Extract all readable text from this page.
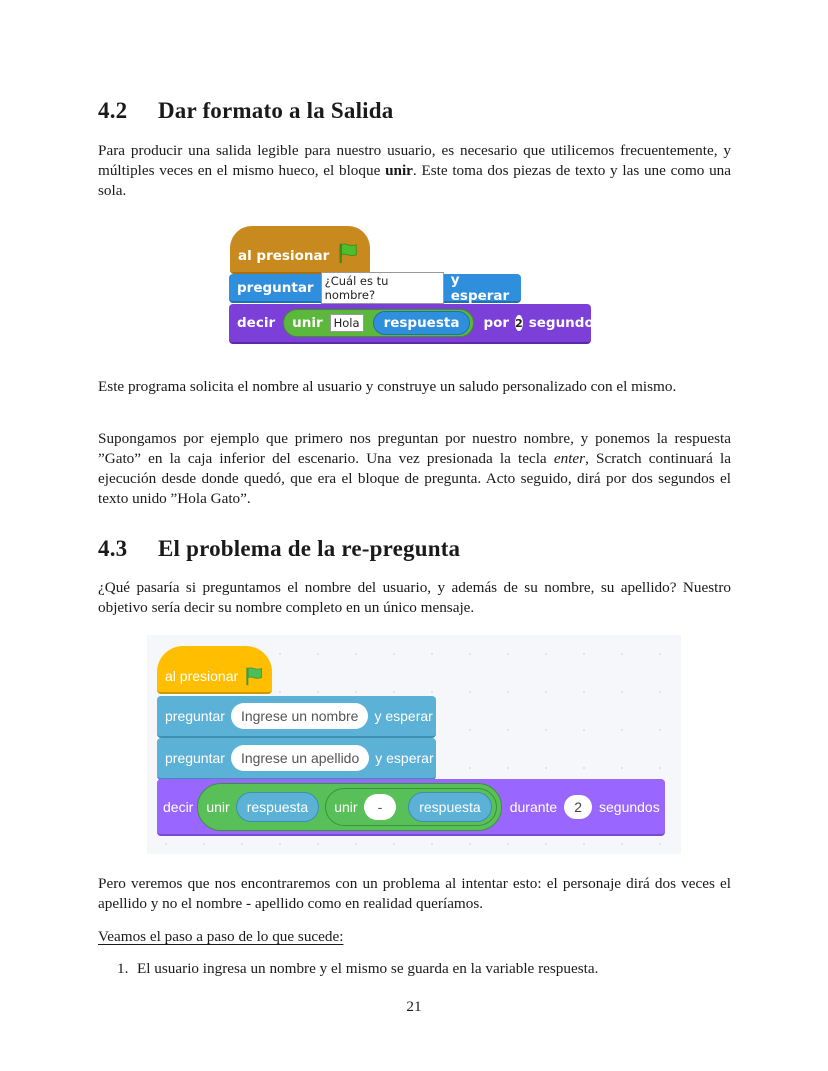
4.2 Dar formato a la Salida

Para producir una salida legible para nuestro usuario, es necesario que utilicemos frecuentemente, y múltiples veces en el mismo hueco, el bloque unir. Este toma dos piezas de texto y las une como una sola.

al presionar
preguntar ¿Cuál es tu nombre?
y esperar
decir unir Hola	respuesta	por 2 segundos

Este programa solicita el nombre al usuario y construye un saludo personalizado con el mismo.

Supongamos por ejemplo que primero nos preguntan por nuestro nombre, y ponemos la respuesta ”Gato” en la caja inferior del escenario. Una vez presionada la tecla enter, Scratch continuará la ejecución desde donde quedó, que era el bloque de pregunta. Acto seguido, dirá por dos segundos el texto unido ”Hola Gato”.

4.3 El problema de la re-pregunta

¿Qué pasaría si preguntamos el nombre del usuario, y además de su nombre, su apellido? Nuestro objetivo sería decir su nombre completo en un único mensaje.

al presionar
preguntar	Ingrese un nombre	y esperar
preguntar	Ingrese un apellido	y esperar
decir unir	respuesta	unir	-	respuesta	durante	2	segundos

Pero veremos que nos encontraremos con un problema al intentar esto: el personaje dirá dos veces el apellido y no el nombre - apellido como en realidad queríamos.

Veamos el paso a paso de lo que sucede:

1. El usuario ingresa un nombre y el mismo se guarda en la variable respuesta.
21
